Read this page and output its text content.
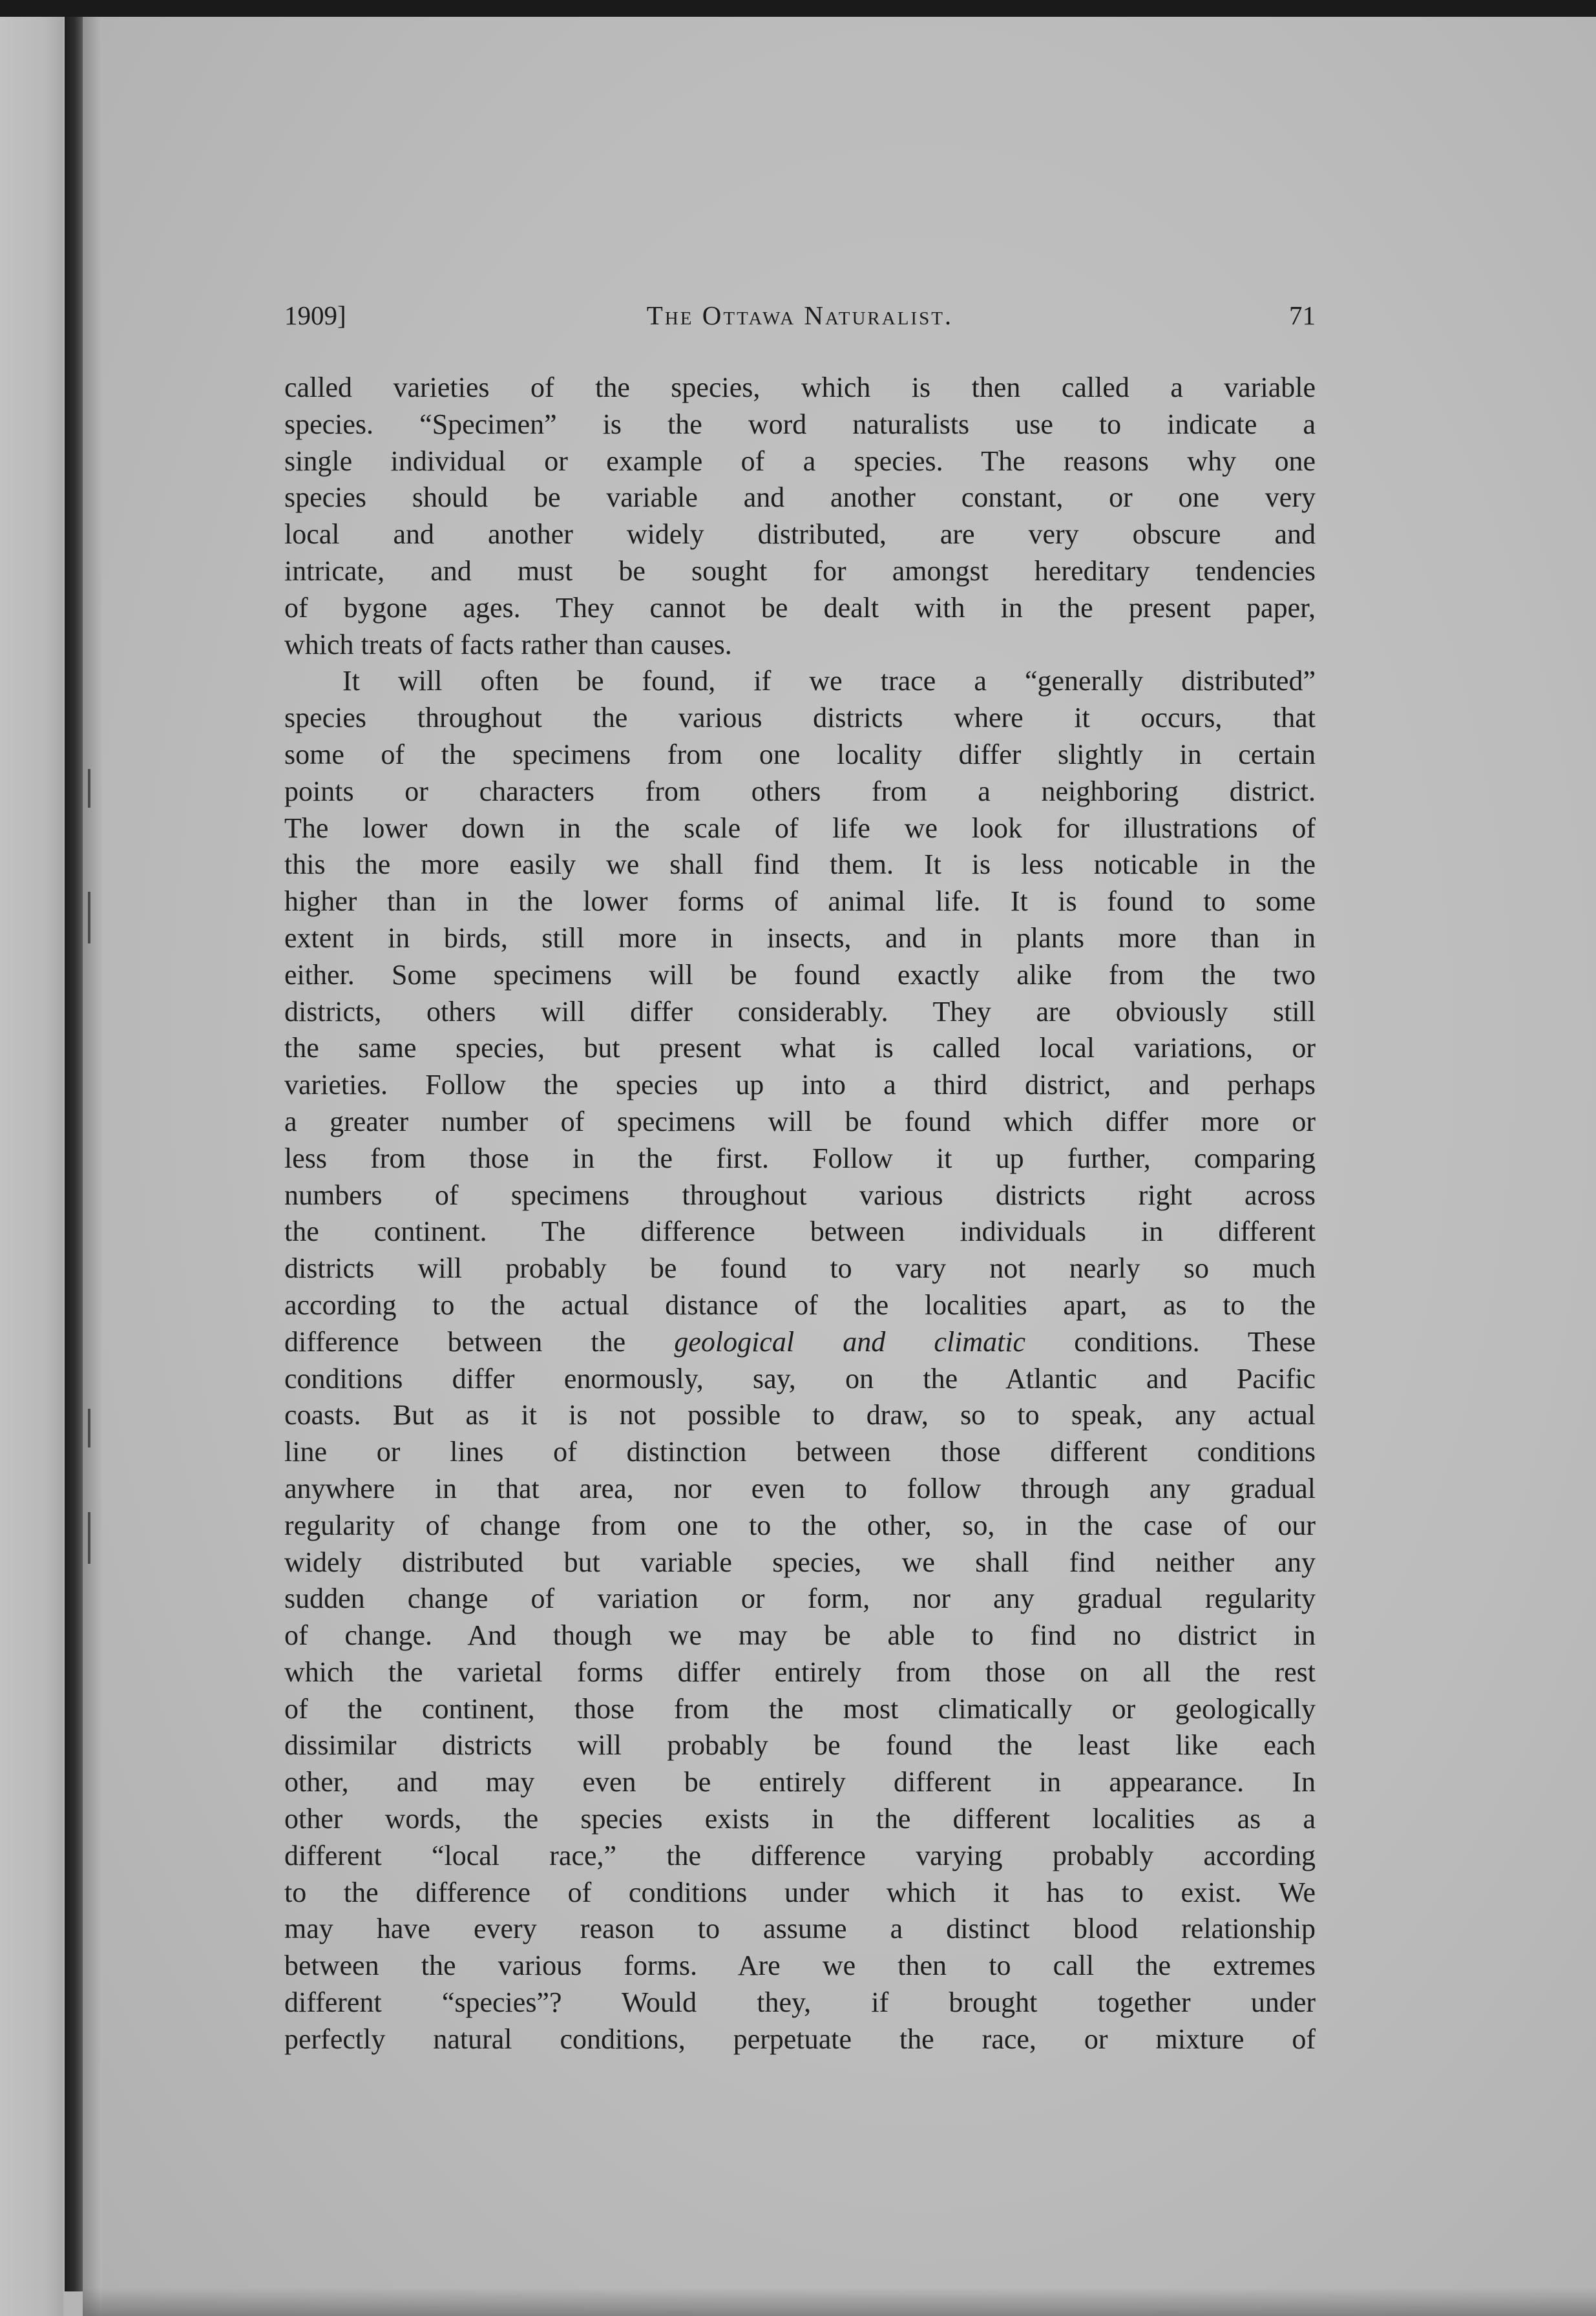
1909]	The Ottawa Naturalist.	71
called varieties of the species, which is then called a variable
species. “Specimen” is the word naturalists use to indicate a
single individual or example of a species. The reasons why one
species should be variable and another constant, or one very
local and another widely distributed, are very obscure and
intricate, and must be sought for amongst hereditary tendencies
of bygone ages. They cannot be dealt with in the present paper,
which treats of facts rather than causes.
It will often be found, if we trace a “generally distributed”
species throughout the various districts where it occurs, that
some of the specimens from one locality differ slightly in certain
points or characters from others from a neighboring district.
The lower down in the scale of life we look for illustrations of
this the more easily we shall find them. It is less noticable in the
higher than in the lower forms of animal life. It is found to some
extent in birds, still more in insects, and in plants more than in
either. Some specimens will be found exactly alike from the two
districts, others will differ considerably. They are obviously still
the same species, but present what is called local variations, or
varieties. Follow the species up into a third district, and perhaps
a greater number of specimens will be found which differ more or
less from those in the first. Follow it up further, comparing
numbers of specimens throughout various districts right across
the continent. The difference between individuals in different
districts will probably be found to vary not nearly so much
according to the actual distance of the localities apart, as to the
difference between the geological and climatic conditions. These
conditions differ enormously, say, on the Atlantic and Pacific
coasts. But as it is not possible to draw, so to speak, any actual
line or lines of distinction between those different conditions
anywhere in that area, nor even to follow through any gradual
regularity of change from one to the other, so, in the case of our
widely distributed but variable species, we shall find neither any
sudden change of variation or form, nor any gradual regularity
of change. And though we may be able to find no district in
which the varietal forms differ entirely from those on all the rest
of the continent, those from the most climatically or geologically
dissimilar districts will probably be found the least like each
other, and may even be entirely different in appearance. In
other words, the species exists in the different localities as a
different “local race,” the difference varying probably according
to the difference of conditions under which it has to exist. We
may have every reason to assume a distinct blood relationship
between the various forms. Are we then to call the extremes
different “species”? Would they, if brought together under
perfectly natural conditions, perpetuate the race, or mixture of
